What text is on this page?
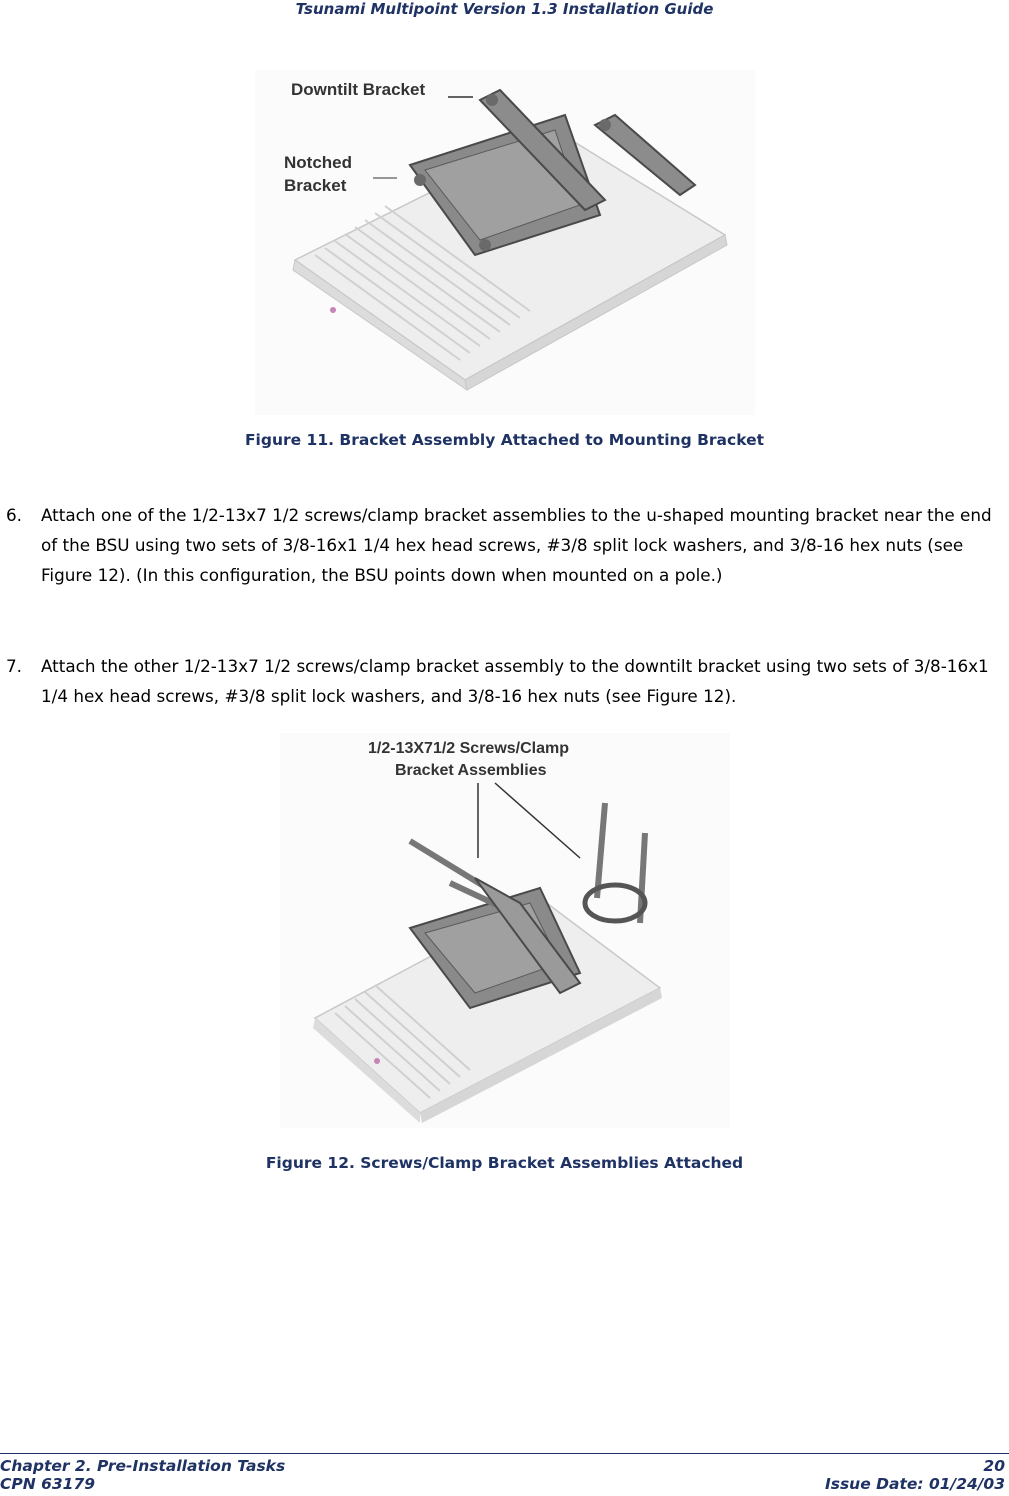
Tsunami Multipoint Version 1.3 Installation Guide
Downtilt Bracket
Notched
Bracket
Figure 11. Bracket Assembly Attached to Mounting Bracket
6. Attach one of the 1/2-13x7 1/2 screws/clamp bracket assemblies to the u-shaped mounting bracket near the end of the BSU using two sets of 3/8-16x1 1/4 hex head screws, #3/8 split lock washers, and 3/8-16 hex nuts (see Figure 12). (In this configuration, the BSU points down when mounted on a pole.)
7. Attach the other 1/2-13x7 1/2 screws/clamp bracket assembly to the downtilt bracket using two sets of 3/8-16x1 1/4 hex head screws, #3/8 split lock washers, and 3/8-16 hex nuts (see Figure 12).
1/2-13X71/2 Screws/Clamp
Bracket Assemblies
Figure 12. Screws/Clamp Bracket Assemblies Attached
Chapter 2. Pre-Installation Tasks	20
CPN 63179	Issue Date: 01/24/03
